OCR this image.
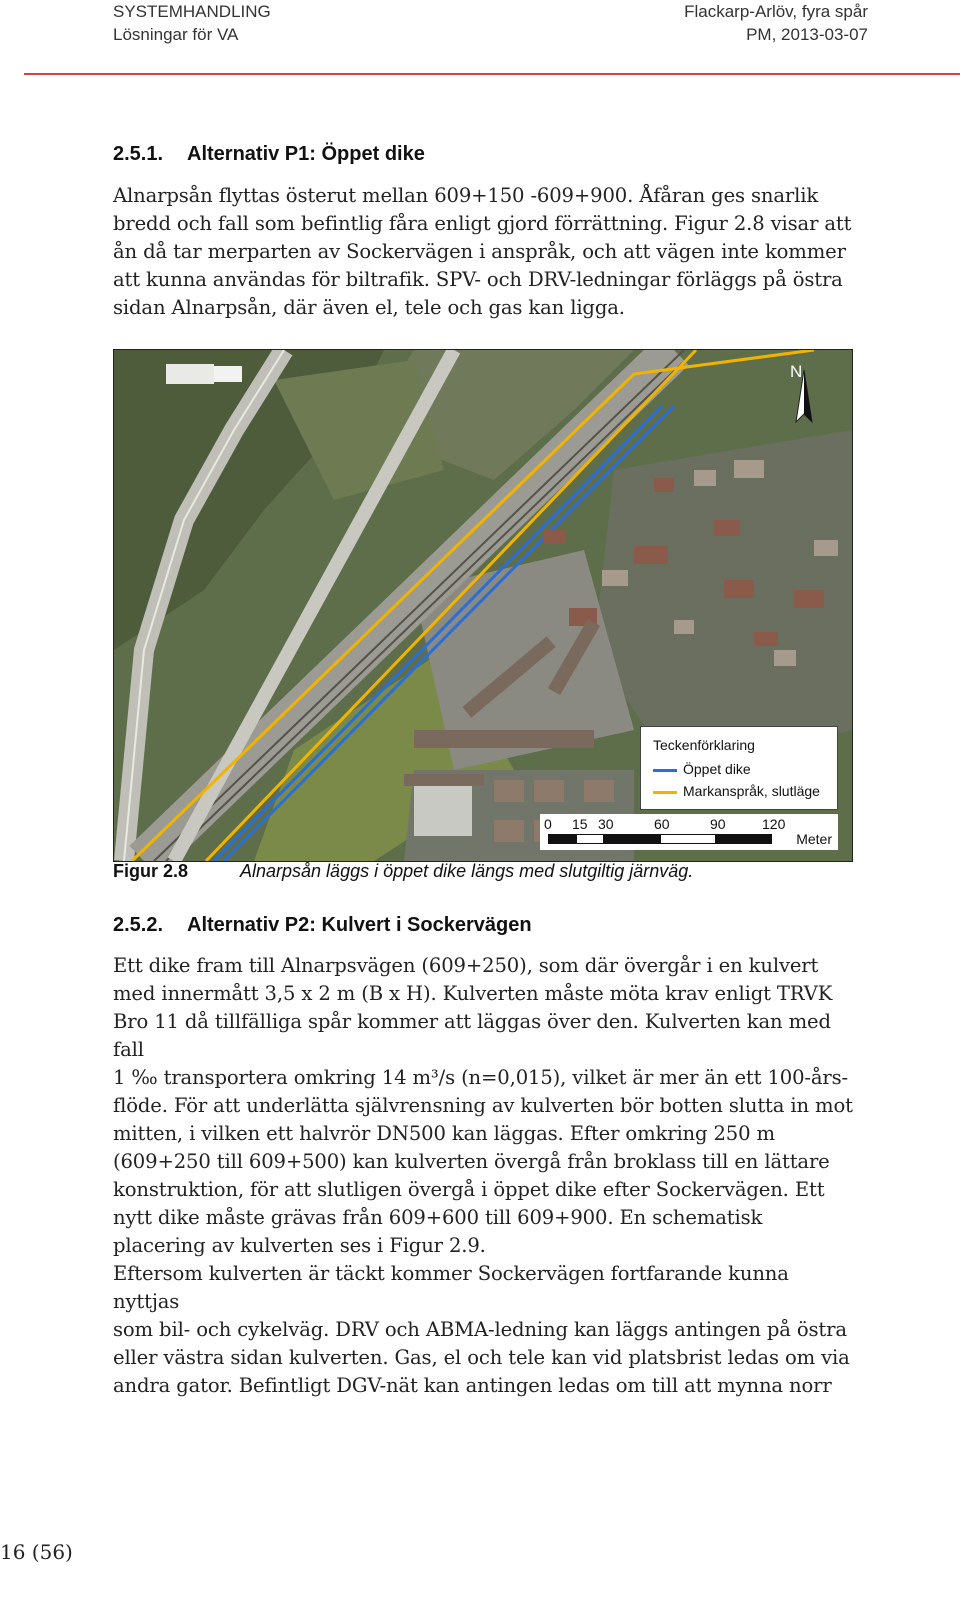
SYSTEMHANDLING
Lösningar för VA
Flackarp-Arlöv, fyra spår
PM, 2013-03-07
2.5.1. Alternativ P1: Öppet dike
Alnarpsån flyttas österut mellan 609+150 -609+900. Åfåran ges snarlik
bredd och fall som befintlig fåra enligt gjord förrättning. Figur 2.8 visar att
ån då tar merparten av Sockervägen i anspråk, och att vägen inte kommer
att kunna användas för biltrafik. SPV- och DRV-ledningar förläggs på östra
sidan Alnarpsån, där även el, tele och gas kan ligga.
N
Teckenförklaring
Öppet dike
Markanspråk, slutläge
0 15 30	60	90	120
Meter
Figur 2.8	Alnarpsån läggs i öppet dike längs med slutgiltig järnväg.
2.5.2. Alternativ P2: Kulvert i Sockervägen
Ett dike fram till Alnarpsvägen (609+250), som där övergår i en kulvert
med innermått 3,5 x 2 m (B x H). Kulverten måste möta krav enligt TRVK
Bro 11 då tillfälliga spår kommer att läggas över den. Kulverten kan med fall
1 ‰ transportera omkring 14 m³/s (n=0,015), vilket är mer än ett 100-års-
flöde. För att underlätta självrensning av kulverten bör botten slutta in mot
mitten, i vilken ett halvrör DN500 kan läggas. Efter omkring 250 m
(609+250 till 609+500) kan kulverten övergå från broklass till en lättare
konstruktion, för att slutligen övergå i öppet dike efter Sockervägen. Ett
nytt dike måste grävas från 609+600 till 609+900. En schematisk
placering av kulverten ses i Figur 2.9.
Eftersom kulverten är täckt kommer Sockervägen fortfarande kunna nyttjas
som bil- och cykelväg. DRV och ABMA-ledning kan läggs antingen på östra
eller västra sidan kulverten. Gas, el och tele kan vid platsbrist ledas om via
andra gator. Befintligt DGV-nät kan antingen ledas om till att mynna norr
16 (56)
